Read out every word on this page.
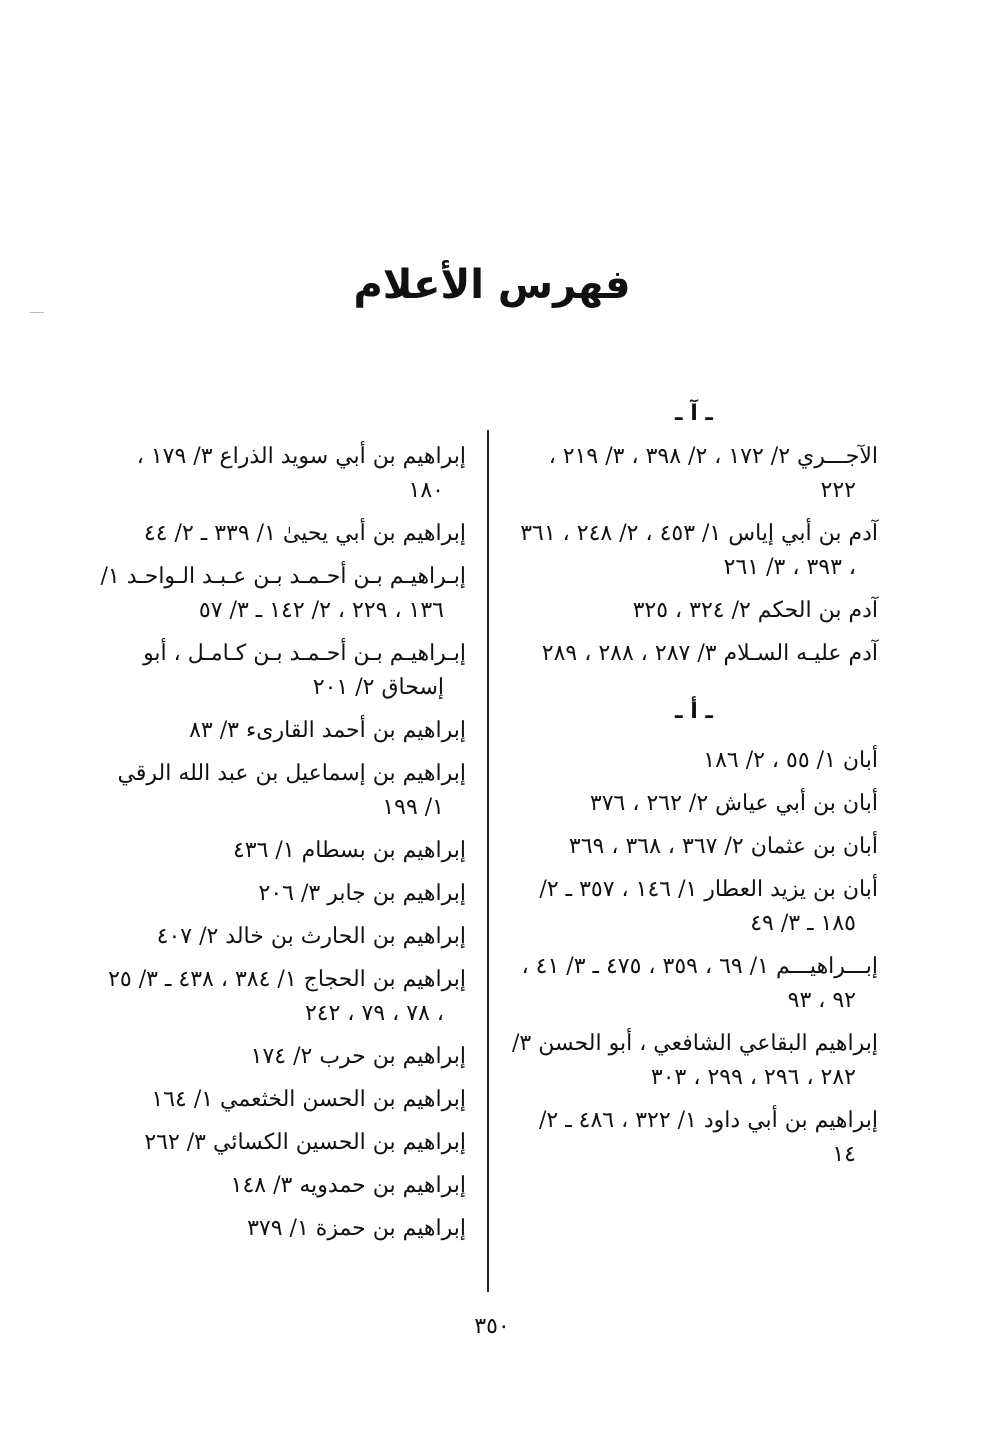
فهرس الأعلام
ـ آ ـ
الآجـــري ٢/ ١٧٢ ، ٢/ ٣٩٨ ، ٣/ ٢١٩ ، ٢٢٢
آدم بن أبي إياس ١/ ٤٥٣ ، ٢/ ٢٤٨ ، ٣٦١ ، ٣٩٣ ، ٣/ ٢٦١
آدم بن الحكم ٢/ ٣٢٤ ، ٣٢٥
آدم عليـه السـلام ٣/ ٢٨٧ ، ٢٨٨ ، ٢٨٩
ـ أ ـ
أبان ١/ ٥٥ ، ٢/ ١٨٦
أبان بن أبي عياش ٢/ ٢٦٢ ، ٣٧٦
أبان بن عثمان ٢/ ٣٦٧ ، ٣٦٨ ، ٣٦٩
أبان بن يزيد العطار ١/ ١٤٦ ، ٣٥٧ ـ ٢/ ١٨٥ ـ ٣/ ٤٩
إبـــراهيـــم ١/ ٦٩ ، ٣٥٩ ، ٤٧٥ ـ ٣/ ٤١ ، ٩٢ ، ٩٣
إبراهيم البقاعي الشافعي ، أبو الحسن ٣/ ٢٨٢ ، ٢٩٦ ، ٢٩٩ ، ٣٠٣
إبراهيم بن أبي داود ١/ ٣٢٢ ، ٤٨٦ ـ ٢/ ١٤
إبراهيم بن أبي سويد الذراع ٣/ ١٧٩ ، ١٨٠
إبراهيم بن أبي يحيىٰ ١/ ٣٣٩ ـ ٢/ ٤٤
إبـراهيـم بـن أحـمـد بـن عـبـد الـواحـد ١/ ١٣٦ ، ٢٢٩ ، ٢/ ١٤٢ ـ ٣/ ٥٧
إبـراهيـم بـن أحـمـد بـن كـامـل ، أبو إسحاق ٢/ ٢٠١
إبراهيم بن أحمد القارىء ٣/ ٨٣
إبراهيم بن إسماعيل بن عبد الله الرقي ١/ ١٩٩
إبراهيم بن بسطام ١/ ٤٣٦
إبراهيم بن جابر ٣/ ٢٠٦
إبراهيم بن الحارث بن خالد ٢/ ٤٠٧
إبراهيم بن الحجاج ١/ ٣٨٤ ، ٤٣٨ ـ ٣/ ٢٥ ، ٧٨ ، ٧٩ ، ٢٤٢
إبراهيم بن حرب ٢/ ١٧٤
إبراهيم بن الحسن الخثعمي ١/ ١٦٤
إبراهيم بن الحسين الكسائي ٣/ ٢٦٢
إبراهيم بن حمدويه ٣/ ١٤٨
إبراهيم بن حمزة ١/ ٣٧٩
٣٥٠
